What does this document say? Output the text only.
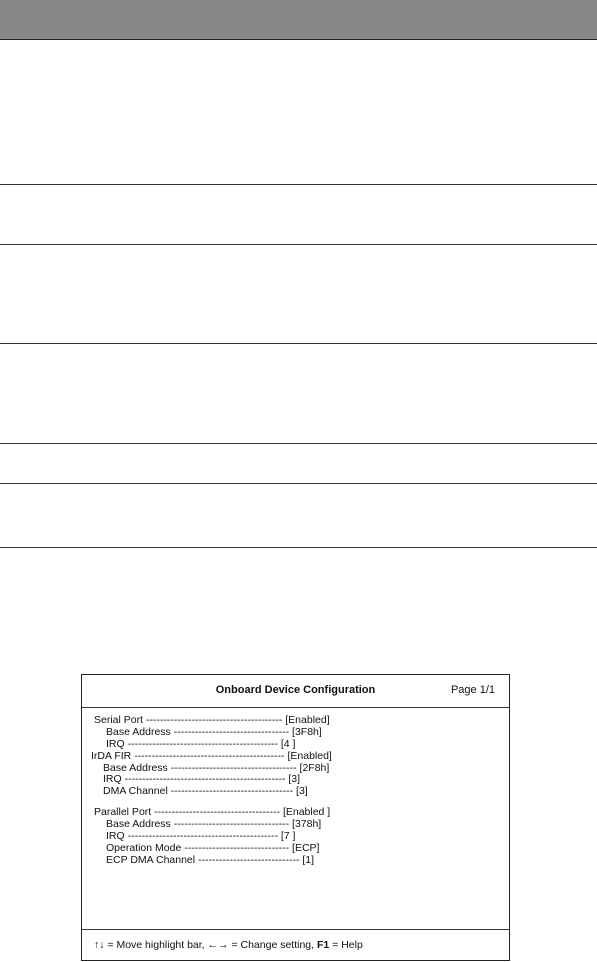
Onboard Device Configuration	Page 1/1
Serial Port --------------------------------------- [Enabled]
Base Address --------------------------------- [3F8h]
IRQ ------------------------------------------- [4 ]
IrDA FIR ------------------------------------------- [Enabled]
Base Address ------------------------------------ [2F8h]
IRQ ---------------------------------------------- [3]
DMA Channel ----------------------------------- [3]
Parallel Port ------------------------------------ [Enabled ]
Base Address --------------------------------- [378h]
IRQ ------------------------------------------- [7 ]
Operation Mode ------------------------------ [ECP]
ECP DMA Channel ----------------------------- [1]
↑↓ = Move highlight bar, ←→ = Change setting, F1 = Help
